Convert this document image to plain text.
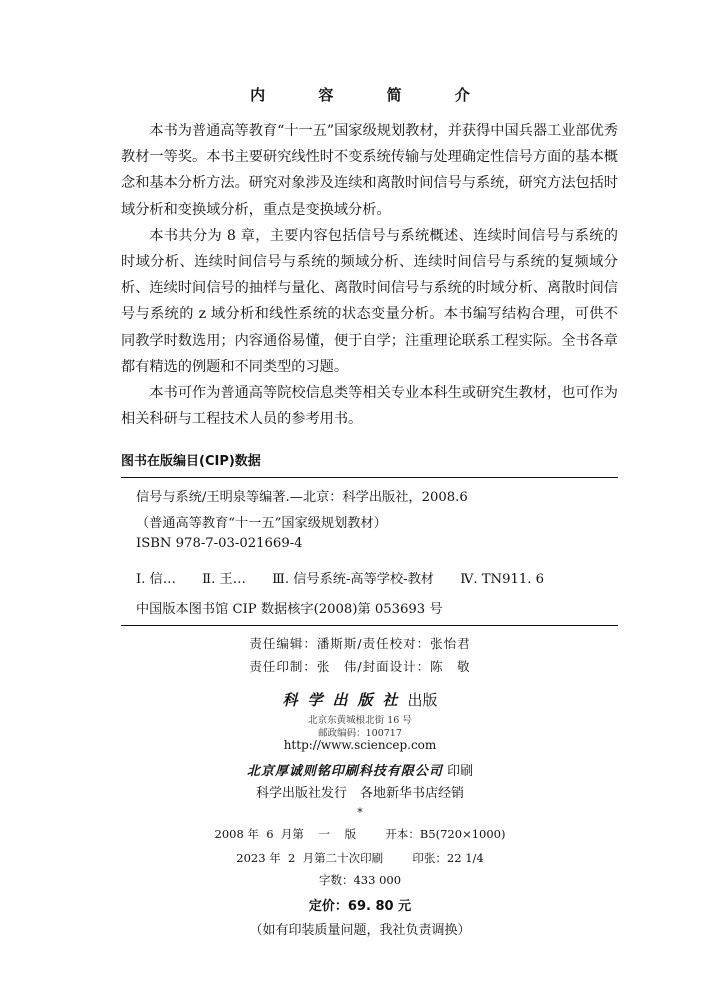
内 容 简 介

本书为普通高等教育“十一五”国家级规划教材，并获得中国兵器工业部优秀教材一等奖。本书主要研究线性时不变系统传输与处理确定性信号方面的基本概念和基本分析方法。研究对象涉及连续和离散时间信号与系统，研究方法包括时域分析和变换域分析，重点是变换域分析。

本书共分为 8 章，主要内容包括信号与系统概述、连续时间信号与系统的时域分析、连续时间信号与系统的频域分析、连续时间信号与系统的复频域分析、连续时间信号的抽样与量化、离散时间信号与系统的时域分析、离散时间信号与系统的 z 域分析和线性系统的状态变量分析。本书编写结构合理，可供不同教学时数选用；内容通俗易懂，便于自学；注重理论联系工程实际。全书各章都有精选的例题和不同类型的习题。

本书可作为普通高等院校信息类等相关专业本科生或研究生教材，也可作为相关科研与工程技术人员的参考用书。

图书在版编目(CIP)数据
信号与系统/王明泉等编著.—北京：科学出版社，2008.6
（普通高等教育“十一五”国家级规划教材）
ISBN 978-7-03-021669-4
Ⅰ. 信… Ⅱ. 王… Ⅲ. 信号系统-高等学校-教材 Ⅳ. TN911. 6
中国版本图书馆 CIP 数据核字(2008)第 053693 号
责任编辑：潘斯斯/责任校对：张怡君
责任印制：张　伟/封面设计：陈　敬
科学出版社出版
北京东黄城根北街 16 号
邮政编码：100717
http://www.sciencep.com
北京厚诚则铭印刷科技有限公司 印刷
科学出版社发行　各地新华书店经销
*
2008 年  6  月第    一    版        开本：B5(720×1000)
2023 年  2  月第二十次印刷        印张：22 1/4
字数：433 000
定价：69. 80 元
（如有印装质量问题，我社负责调换）
